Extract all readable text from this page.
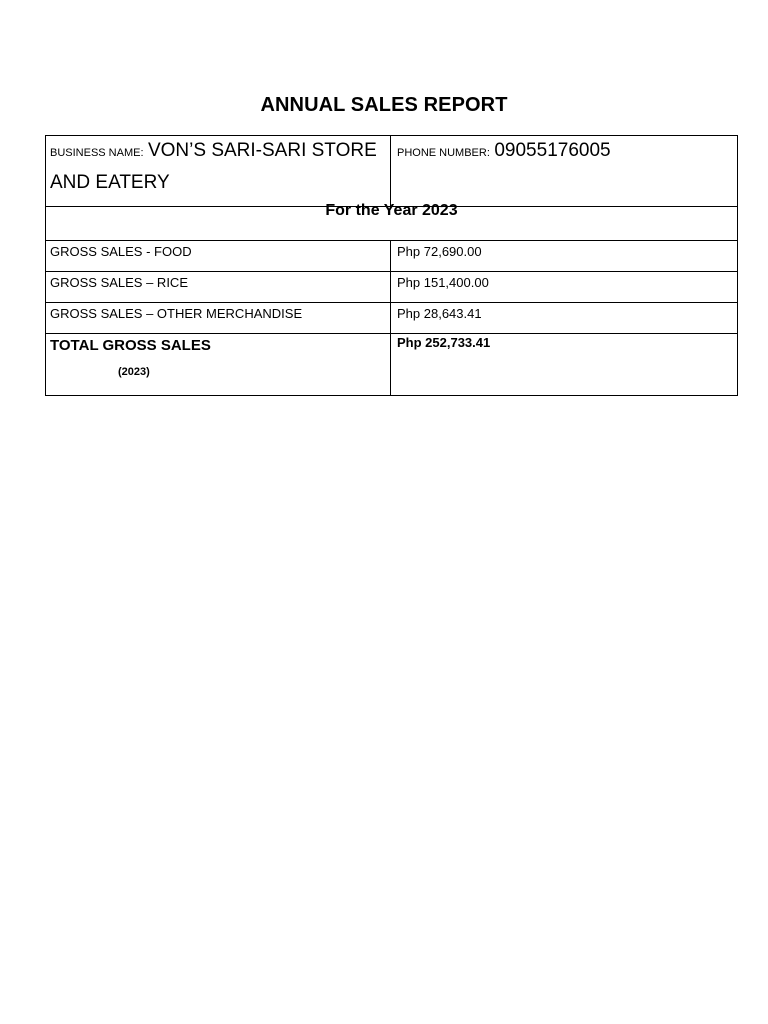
ANNUAL SALES REPORT
BUSINESS NAME: VON’S SARI-SARI STORE
AND EATERY	PHONE NUMBER: 09055176005

For the Year 2023	

GROSS SALES - FOOD	Php 72,690.00

GROSS SALES – RICE	Php 151,400.00

GROSS SALES – OTHER MERCHANDISE	Php 28,643.41

TOTAL GROSS SALES
(2023)	Php 252,733.41
